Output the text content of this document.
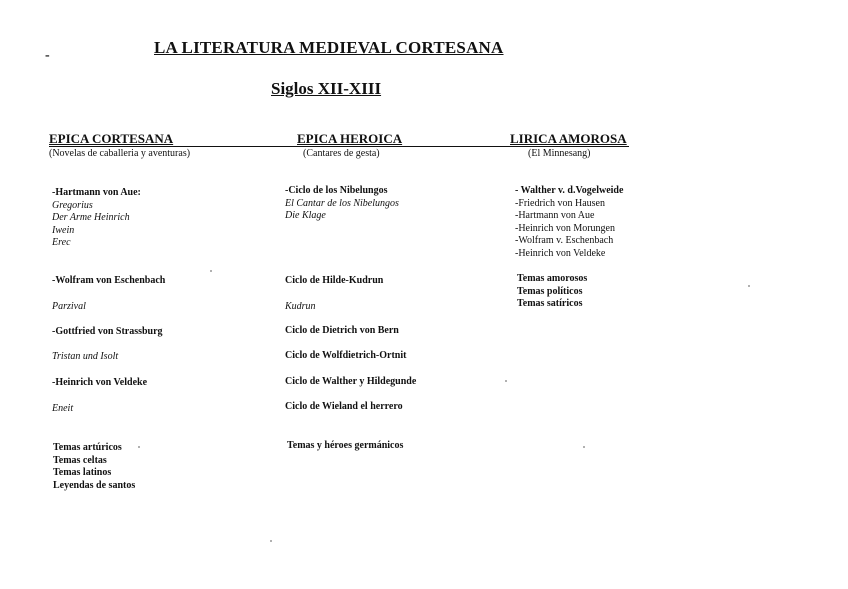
-	LA LITERATURA MEDIEVAL CORTESANA
Siglos XII-XIII
EPICA CORTESANA
(Novelas de caballeria y aventuras)
EPICA HEROICA
(Cantares de gesta)
LIRICA AMOROSA
(El Minnesang)
-Hartmann von Aue:
Gregorius
Der Arme Heinrich
Iwein
Erec
-Wolfram von Eschenbach
Parzival
-Gottfried von Strassburg
Tristan und Isolt
-Heinrich von Veldeke
Eneit
Temas artúricos
Temas celtas
Temas latinos
Leyendas de santos
-Ciclo de los Nibelungos
El Cantar de los Nibelungos
Die Klage
Ciclo de Hilde-Kudrun
Kudrun
Ciclo de Dietrich von Bern
Ciclo de Wolfdietrich-Ortnit
Ciclo de Walther y Hildegunde
Ciclo de Wieland el herrero
Temas y héroes germánicos
- Walther v. d.Vogelweide
-Friedrich von Hausen
-Hartmann von Aue
-Heinrich von Morungen
-Wolfram v. Eschenbach
-Heinrich von Veldeke
Temas amorosos
Temas políticos
Temas satíricos
